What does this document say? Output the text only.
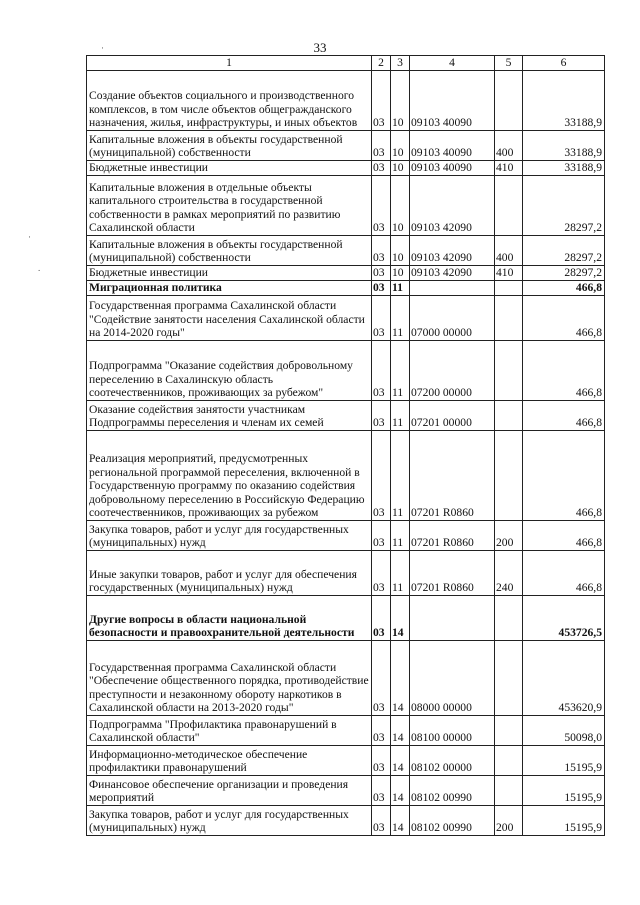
33
·
·
.
1	2	3	4	5	6
Создание объектов социального и производственного комплексов, в том числе объектов общегражданского назначения, жилья, инфраструктуры, и иных объектов	03	10	09103 40090		33188,9
Капитальные вложения в объекты государственной (муниципальной) собственности	03	10	09103 40090	400	33188,9
Бюджетные инвестиции	03	10	09103 40090	410	33188,9
Капитальные вложения в отдельные объекты капитального строительства в государственной собственности в рамках мероприятий по развитию Сахалинской области	03	10	09103 42090		28297,2
Капитальные вложения в объекты государственной (муниципальной) собственности	03	10	09103 42090	400	28297,2
Бюджетные инвестиции	03	10	09103 42090	410	28297,2
Миграционная политика	03	11			466,8
Государственная программа Сахалинской области "Содействие занятости населения Сахалинской области на 2014-2020 годы"	03	11	07000 00000		466,8
Подпрограмма "Оказание содействия добровольному переселению в Сахалинскую область соотечественников, проживающих за рубежом"	03	11	07200 00000		466,8
Оказание содействия занятости участникам Подпрограммы переселения и членам их семей	03	11	07201 00000		466,8
Реализация мероприятий, предусмотренных региональной программой переселения, включенной в Государственную программу по оказанию содействия добровольному переселению в Российскую Федерацию соотечественников, проживающих за рубежом	03	11	07201 R0860		466,8
Закупка товаров, работ и услуг для государственных (муниципальных) нужд	03	11	07201 R0860	200	466,8
Иные закупки товаров, работ и услуг для обеспечения государственных (муниципальных) нужд	03	11	07201 R0860	240	466,8
Другие вопросы в области национальной безопасности и правоохранительной деятельности	03	14			453726,5
Государственная программа Сахалинской области "Обеспечение общественного порядка, противодействие преступности и незаконному обороту наркотиков в Сахалинской области на 2013-2020 годы"	03	14	08000 00000		453620,9
Подпрограмма "Профилактика правонарушений в Сахалинской области"	03	14	08100 00000		50098,0
Информационно-методическое обеспечение профилактики правонарушений	03	14	08102 00000		15195,9
Финансовое обеспечение организации и проведения мероприятий	03	14	08102 00990		15195,9
Закупка товаров, работ и услуг для государственных (муниципальных) нужд	03	14	08102 00990	200	15195,9
